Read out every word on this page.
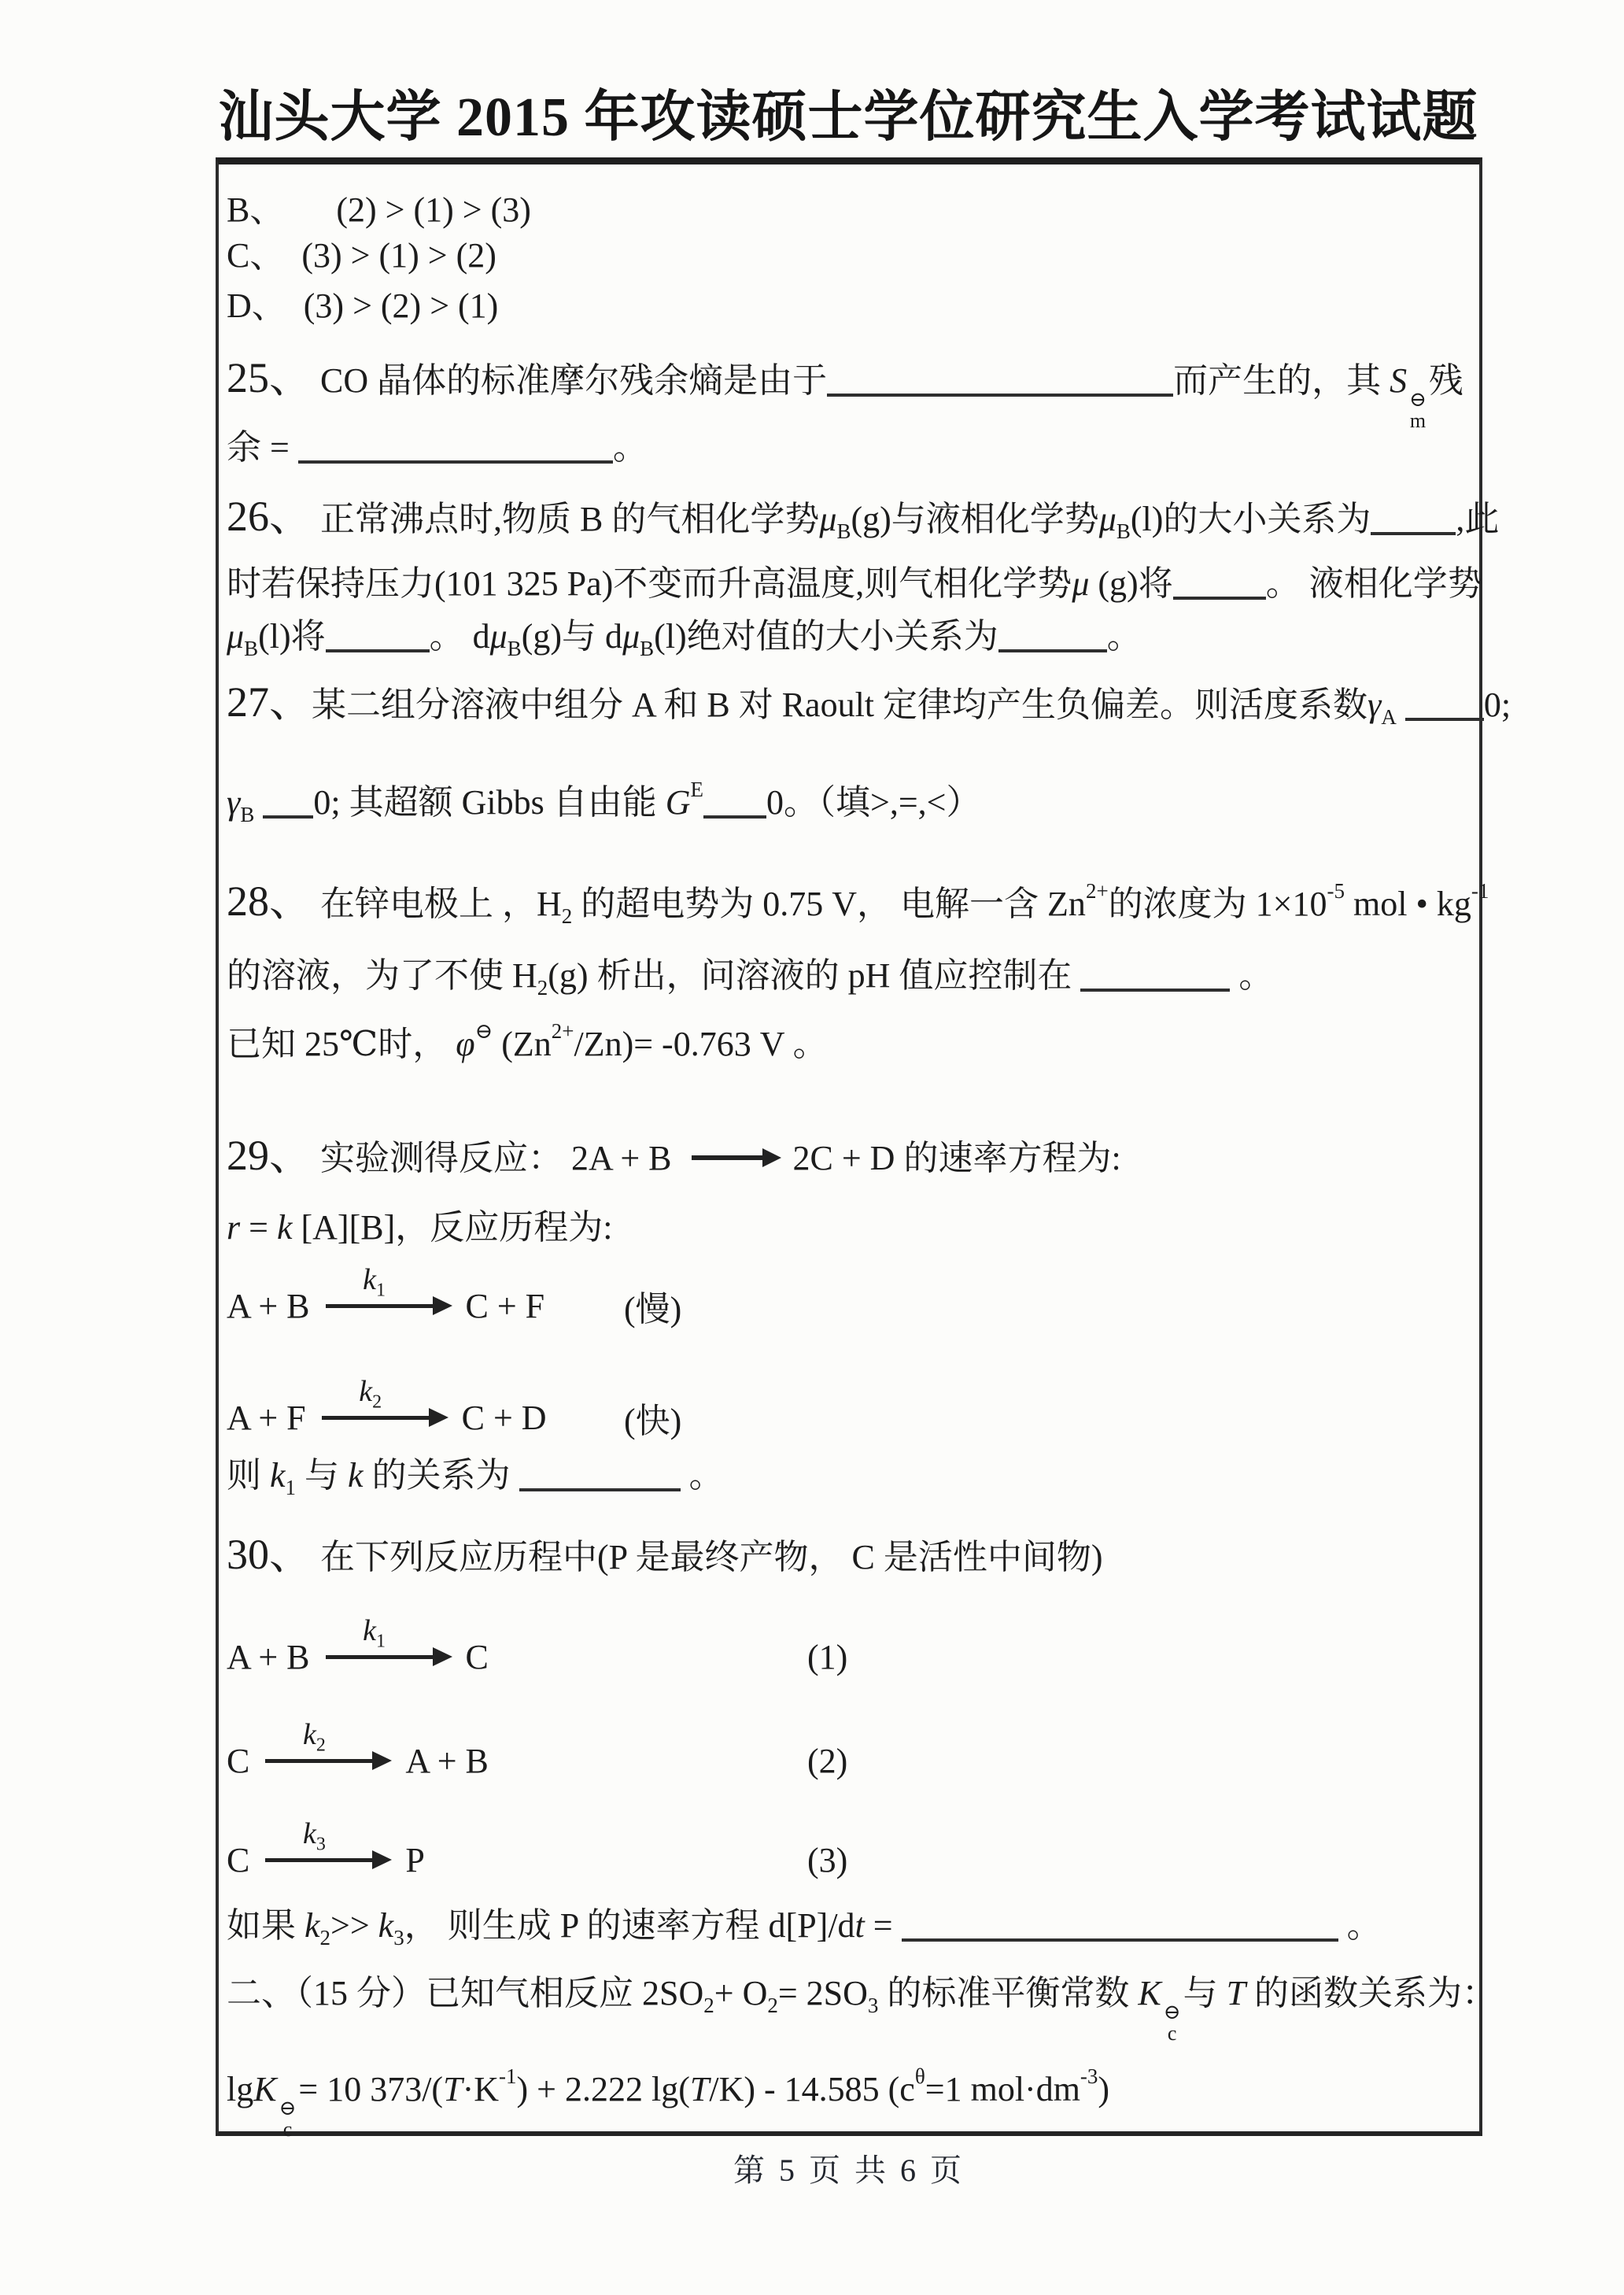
汕头大学 2015 年攻读硕士学位研究生入学考试试题
B、　　(2) > (1) > (3)
C、　(3) > (1) > (2)
D、　(3) > (2) > (1)
25、 CO 晶体的标准摩尔残余熵是由于	而产生的，其 S ⊖
m
残
余 =	。
26、 正常沸点时,物质 B 的气相化学势$\mu_B(g)$与液相化学势$\mu_B(l)$的大小关系为 ,此
时若保持压力(101 325 Pa)不变而升高温度,则气相化学势μ (g)将	。 液相化学势
$\mu_B(l)$将	。 $d\mu_B(g)$与 $d\mu_B(l)$绝对值的大小关系为	。
27、某二组分溶液中组分 A 和 B 对 Raoult 定律均产生负偏差。则活度系数$\gamma_A$	0;
$\gamma_B$ 0; 其超额 Gibbs 自由能 $G^E$ 0。（填>,=,<）
28、 在锌电极上 ，$H_2$ 的超电势为 0.75 V， 电解一含 $Zn^{2+}$的浓度为 $1\times 10^{-5}$ mol • $kg^{-1}$
的溶液，为了不使 $H_2(g)$ 析出，问溶液的 pH 值应控制在	。
已知 25℃时， φ⊖ $(Zn^{2+}/Zn)= -0.763$ V 。
29、 实验测得反应： 2A + B	2C + D 的速率方程为:
r = k [A][B]，反应历程为:
A + B
$k_1$ C + F (慢)
A + F
$k_2$ C + D (快)
则 $k_1$ 与 k 的关系为	。
30、 在下列反应历程中(P 是最终产物， C 是活性中间物)
A + B
$k_1$ C	(1)
C
$k_2$ A + B	(2)
C
$k_3$ P	(3)
如果 $k_2>> k_3$， 则生成 P 的速率方程 d[P]/dt =	。
二、（15 分）已知气相反应 $2SO_2+ O_2= 2SO_3$ 的标准平衡常数 K ⊖
c
与 T 的函数关系为：
lgK ⊖
c
= 10 $373/(T\cdot K^{-1}) + 2.222$ lg(T/K) - 14.585 ($c^\theta=1$ $mol\cdot dm^{-3}$)
第 5 页 共 6 页
